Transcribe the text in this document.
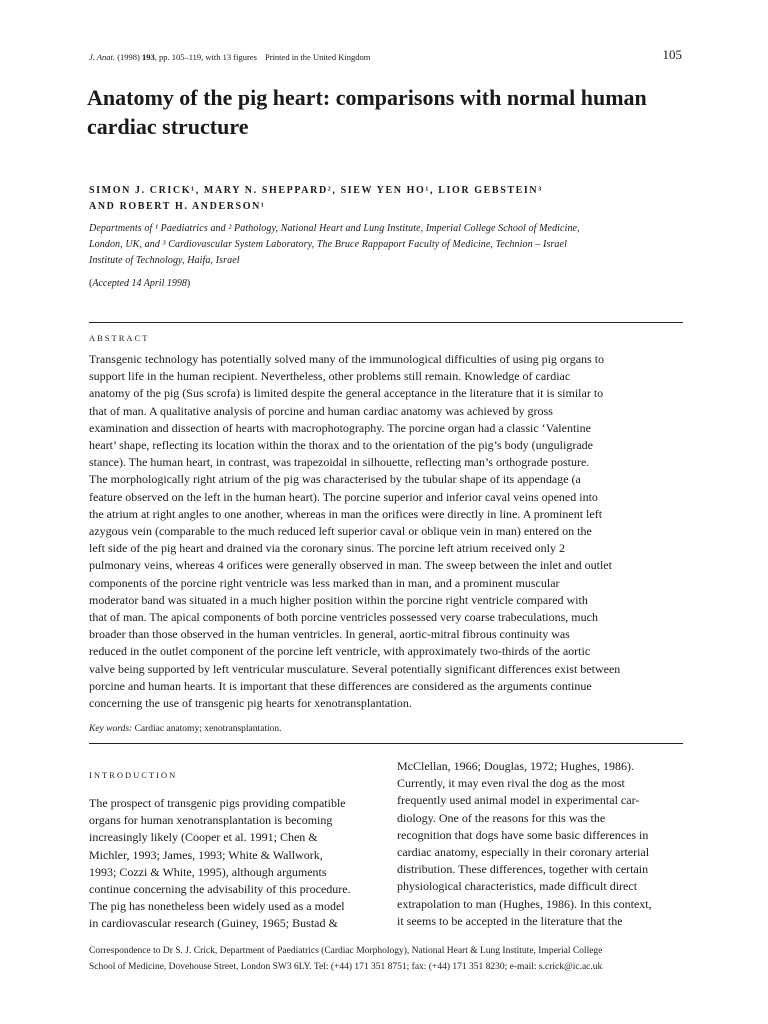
J. Anat. (1998) 193, pp. 105–119, with 13 figures Printed in the United Kingdom	105
Anatomy of the pig heart: comparisons with normal human
cardiac structure
SIMON J. CRICK¹, MARY N. SHEPPARD², SIEW YEN HO¹, LIOR GEBSTEIN³
AND ROBERT H. ANDERSON¹
Departments of ¹ Paediatrics and ² Pathology, National Heart and Lung Institute, Imperial College School of Medicine,
London, UK, and ³ Cardiovascular System Laboratory, The Bruce Rappaport Faculty of Medicine, Technion – Israel
Institute of Technology, Haifa, Israel
(Accepted 14 April 1998)
ABSTRACT
Transgenic technology has potentially solved many of the immunological difficulties of using pig organs to
support life in the human recipient. Nevertheless, other problems still remain. Knowledge of cardiac
anatomy of the pig (Sus scrofa) is limited despite the general acceptance in the literature that it is similar to
that of man. A qualitative analysis of porcine and human cardiac anatomy was achieved by gross
examination and dissection of hearts with macrophotography. The porcine organ had a classic ‘Valentine
heart’ shape, reflecting its location within the thorax and to the orientation of the pig’s body (unguligrade
stance). The human heart, in contrast, was trapezoidal in silhouette, reflecting man’s orthograde posture.
The morphologically right atrium of the pig was characterised by the tubular shape of its appendage (a
feature observed on the left in the human heart). The porcine superior and inferior caval veins opened into
the atrium at right angles to one another, whereas in man the orifices were directly in line. A prominent left
azygous vein (comparable to the much reduced left superior caval or oblique vein in man) entered on the
left side of the pig heart and drained via the coronary sinus. The porcine left atrium received only 2
pulmonary veins, whereas 4 orifices were generally observed in man. The sweep between the inlet and outlet
components of the porcine right ventricle was less marked than in man, and a prominent muscular
moderator band was situated in a much higher position within the porcine right ventricle compared with
that of man. The apical components of both porcine ventricles possessed very coarse trabeculations, much
broader than those observed in the human ventricles. In general, aortic-mitral fibrous continuity was
reduced in the outlet component of the porcine left ventricle, with approximately two-thirds of the aortic
valve being supported by left ventricular musculature. Several potentially significant differences exist between
porcine and human hearts. It is important that these differences are considered as the arguments continue
concerning the use of transgenic pig hearts for xenotransplantation.
Key words: Cardiac anatomy; xenotransplantation.
INTRODUCTION

The prospect of transgenic pigs providing compatible
organs for human xenotransplantation is becoming
increasingly likely (Cooper et al. 1991; Chen &
Michler, 1993; James, 1993; White & Wallwork,
1993; Cozzi & White, 1995), although arguments
continue concerning the advisability of this procedure.
The pig has nonetheless been widely used as a model
in cardiovascular research (Guiney, 1965; Bustad &

McClellan, 1966; Douglas, 1972; Hughes, 1986).
Currently, it may even rival the dog as the most
frequently used animal model in experimental car-
diology. One of the reasons for this was the
recognition that dogs have some basic differences in
cardiac anatomy, especially in their coronary arterial
distribution. These differences, together with certain
physiological characteristics, made difficult direct
extrapolation to man (Hughes, 1986). In this context,
it seems to be accepted in the literature that the

Correspondence to Dr S. J. Crick, Department of Paediatrics (Cardiac Morphology), National Heart & Lung Institute, Imperial College
School of Medicine, Dovehouse Street, London SW3 6LY. Tel: (+44) 171 351 8751; fax: (+44) 171 351 8230; e-mail: s.crick@ic.ac.uk
